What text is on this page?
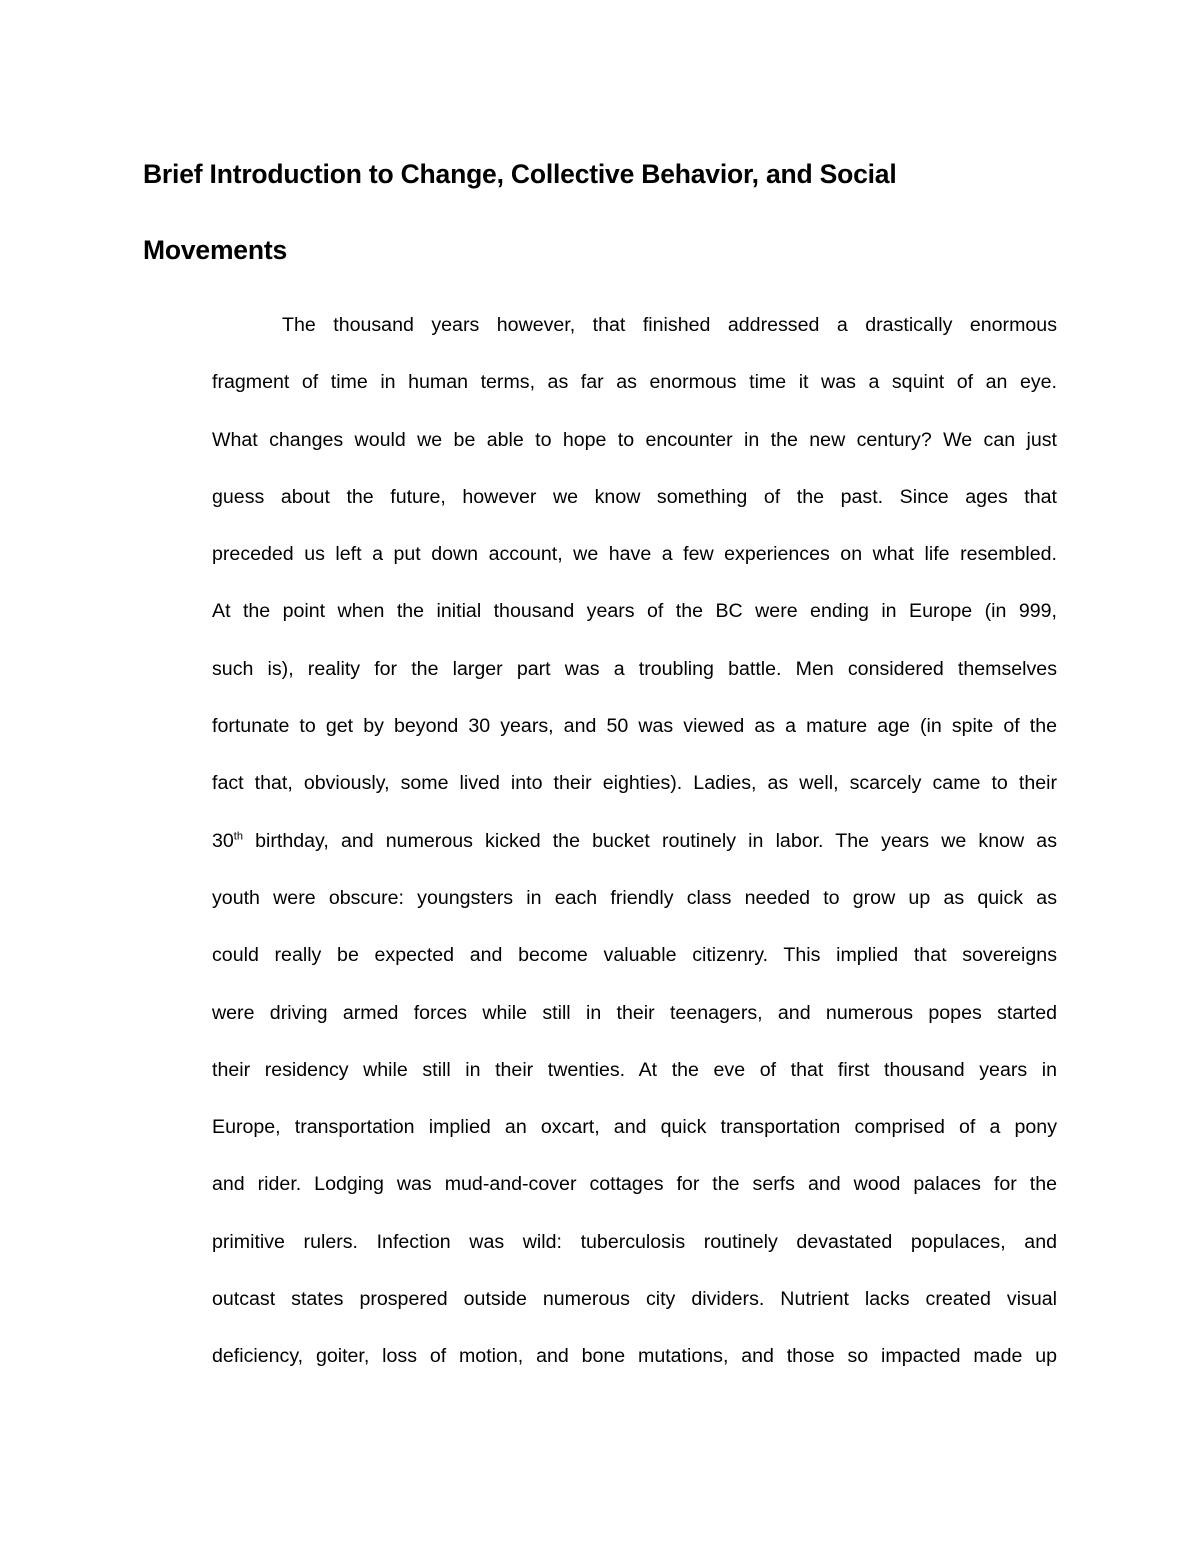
Brief Introduction to Change, Collective Behavior, and Social
Movements
The thousand years however, that finished addressed a drastically enormous
fragment of time in human terms, as far as enormous time it was a squint of an eye.
What changes would we be able to hope to encounter in the new century? We can just
guess about the future, however we know something of the past. Since ages that
preceded us left a put down account, we have a few experiences on what life resembled.
At the point when the initial thousand years of the BC were ending in Europe (in 999,
such is), reality for the larger part was a troubling battle. Men considered themselves
fortunate to get by beyond 30 years, and 50 was viewed as a mature age (in spite of the
fact that, obviously, some lived into their eighties). Ladies, as well, scarcely came to their
30th birthday, and numerous kicked the bucket routinely in labor. The years we know as
youth were obscure: youngsters in each friendly class needed to grow up as quick as
could really be expected and become valuable citizenry. This implied that sovereigns
were driving armed forces while still in their teenagers, and numerous popes started
their residency while still in their twenties. At the eve of that first thousand years in
Europe, transportation implied an oxcart, and quick transportation comprised of a pony
and rider. Lodging was mud-and-cover cottages for the serfs and wood palaces for the
primitive rulers. Infection was wild: tuberculosis routinely devastated populaces, and
outcast states prospered outside numerous city dividers. Nutrient lacks created visual
deficiency, goiter, loss of motion, and bone mutations, and those so impacted made up
